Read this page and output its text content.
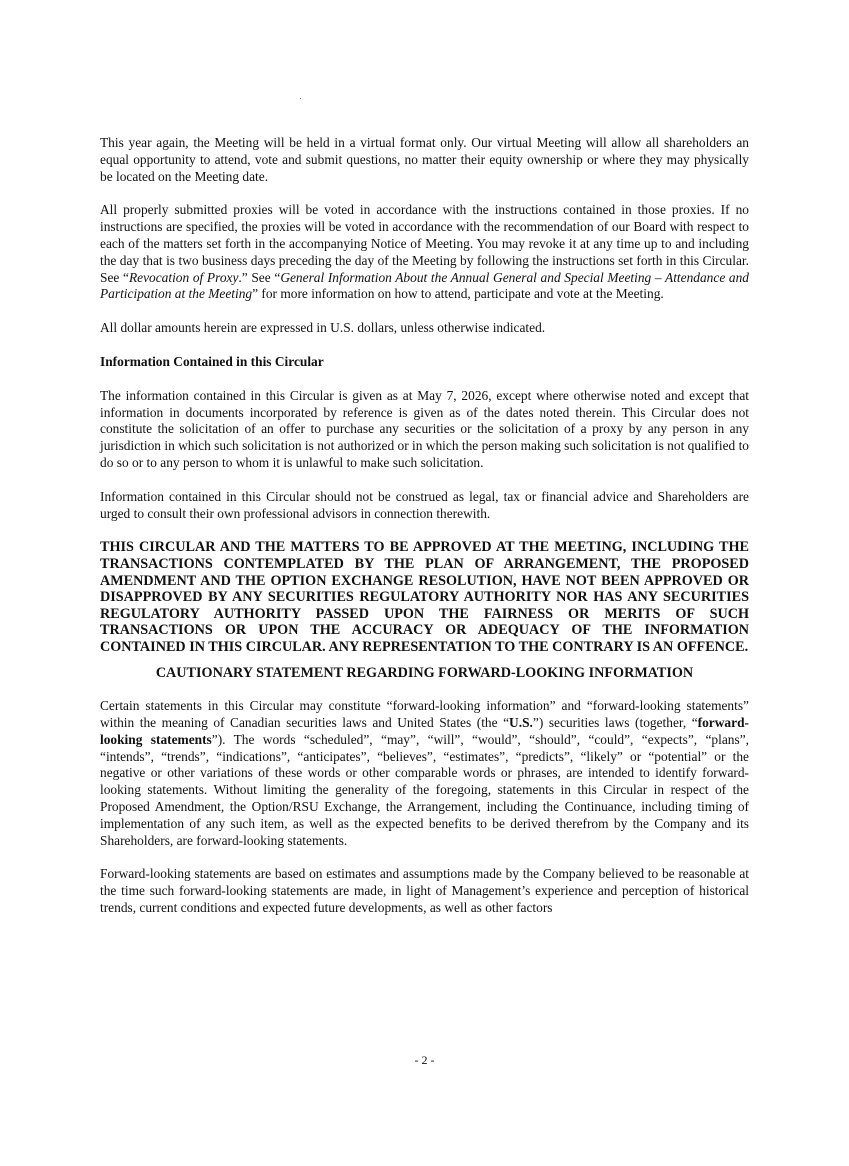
This year again, the Meeting will be held in a virtual format only. Our virtual Meeting will allow all shareholders an equal opportunity to attend, vote and submit questions, no matter their equity ownership or where they may physically be located on the Meeting date.

All properly submitted proxies will be voted in accordance with the instructions contained in those proxies. If no instructions are specified, the proxies will be voted in accordance with the recommendation of our Board with respect to each of the matters set forth in the accompanying Notice of Meeting. You may revoke it at any time up to and including the day that is two business days preceding the day of the Meeting by following the instructions set forth in this Circular. See “Revocation of Proxy.” See “General Information About the Annual General and Special Meeting – Attendance and Participation at the Meeting” for more information on how to attend, participate and vote at the Meeting.

All dollar amounts herein are expressed in U.S. dollars, unless otherwise indicated.

Information Contained in this Circular

The information contained in this Circular is given as at May 7, 2026, except where otherwise noted and except that information in documents incorporated by reference is given as of the dates noted therein. This Circular does not constitute the solicitation of an offer to purchase any securities or the solicitation of a proxy by any person in any jurisdiction in which such solicitation is not authorized or in which the person making such solicitation is not qualified to do so or to any person to whom it is unlawful to make such solicitation.

Information contained in this Circular should not be construed as legal, tax or financial advice and Shareholders are urged to consult their own professional advisors in connection therewith.

THIS CIRCULAR AND THE MATTERS TO BE APPROVED AT THE MEETING, INCLUDING THE TRANSACTIONS CONTEMPLATED BY THE PLAN OF ARRANGEMENT, THE PROPOSED AMENDMENT AND THE OPTION EXCHANGE RESOLUTION, HAVE NOT BEEN APPROVED OR DISAPPROVED BY ANY SECURITIES REGULATORY AUTHORITY NOR HAS ANY SECURITIES REGULATORY AUTHORITY PASSED UPON THE FAIRNESS OR MERITS OF SUCH TRANSACTIONS OR UPON THE ACCURACY OR ADEQUACY OF THE INFORMATION CONTAINED IN THIS CIRCULAR. ANY REPRESENTATION TO THE CONTRARY IS AN OFFENCE.

CAUTIONARY STATEMENT REGARDING FORWARD-LOOKING INFORMATION

Certain statements in this Circular may constitute “forward-looking information” and “forward-looking statements” within the meaning of Canadian securities laws and United States (the “U.S.”) securities laws (together, “forward-looking statements”). The words “scheduled”, “may”, “will”, “would”, “should”, “could”, “expects”, “plans”, “intends”, “trends”, “indications”, “anticipates”, “believes”, “estimates”, “predicts”, “likely” or “potential” or the negative or other variations of these words or other comparable words or phrases, are intended to identify forward-looking statements. Without limiting the generality of the foregoing, statements in this Circular in respect of the Proposed Amendment, the Option/RSU Exchange, the Arrangement, including the Continuance, including timing of implementation of any such item, as well as the expected benefits to be derived therefrom by the Company and its Shareholders, are forward-looking statements.

Forward-looking statements are based on estimates and assumptions made by the Company believed to be reasonable at the time such forward-looking statements are made, in light of Management’s experience and perception of historical trends, current conditions and expected future developments, as well as other factors

- 2 -
